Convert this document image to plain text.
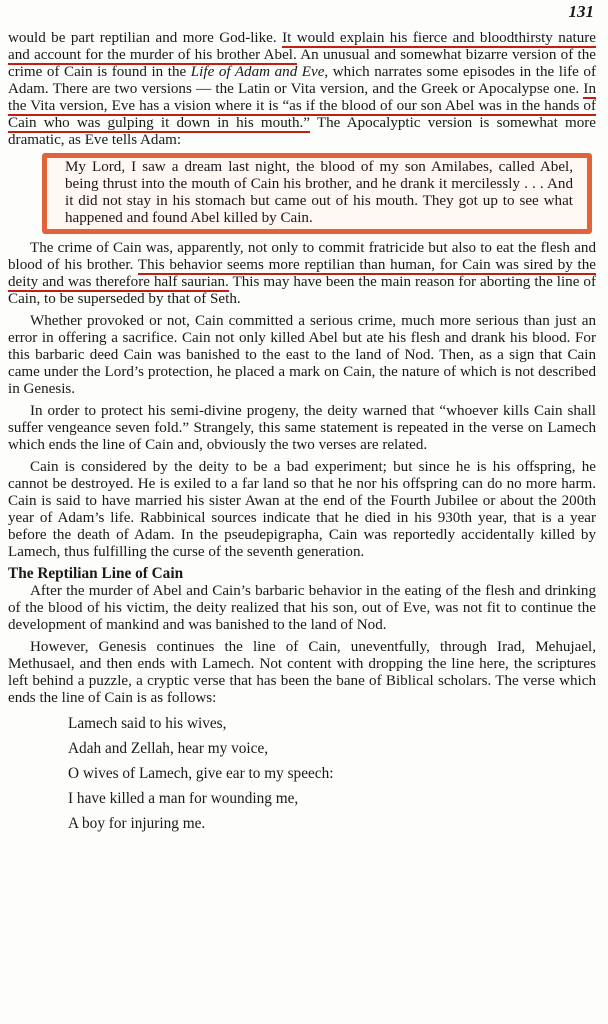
131

would be part reptilian and more God-like. It would explain his fierce and bloodthirsty nature and account for the murder of his brother Abel. An unusual and somewhat bizarre version of the crime of Cain is found in the Life of Adam and Eve, which narrates some episodes in the life of Adam. There are two versions — the Latin or Vita version, and the Greek or Apocalypse one. In the Vita version, Eve has a vision where it is “as if the blood of our son Abel was in the hands of Cain who was gulping it down in his mouth.” The Apocalyptic version is somewhat more dramatic, as Eve tells Adam:

My Lord, I saw a dream last night, the blood of my son Amilabes, called Abel, being thrust into the mouth of Cain his brother, and he drank it mercilessly . . . And it did not stay in his stomach but came out of his mouth. They got up to see what happened and found Abel killed by Cain.

The crime of Cain was, apparently, not only to commit fratricide but also to eat the flesh and blood of his brother. This behavior seems more reptilian than human, for Cain was sired by the deity and was therefore half saurian. This may have been the main reason for aborting the line of Cain, to be superseded by that of Seth.

Whether provoked or not, Cain committed a serious crime, much more serious than just an error in offering a sacrifice. Cain not only killed Abel but ate his flesh and drank his blood. For this barbaric deed Cain was banished to the east to the land of Nod. Then, as a sign that Cain came under the Lord’s protection, he placed a mark on Cain, the nature of which is not described in Genesis.

In order to protect his semi-divine progeny, the deity warned that “whoever kills Cain shall suffer vengeance seven fold.” Strangely, this same statement is repeated in the verse on Lamech which ends the line of Cain and, obviously the two verses are related.

Cain is considered by the deity to be a bad experiment; but since he is his offspring, he cannot be destroyed. He is exiled to a far land so that he nor his offspring can do no more harm. Cain is said to have married his sister Awan at the end of the Fourth Jubilee or about the 200th year of Adam’s life. Rabbinical sources indicate that he died in his 930th year, that is a year before the death of Adam. In the pseudepigrapha, Cain was reportedly accidentally killed by Lamech, thus fulfilling the curse of the seventh generation.

The Reptilian Line of Cain

After the murder of Abel and Cain’s barbaric behavior in the eating of the flesh and drinking of the blood of his victim, the deity realized that his son, out of Eve, was not fit to continue the development of mankind and was banished to the land of Nod.

However, Genesis continues the line of Cain, uneventfully, through Irad, Mehujael, Methusael, and then ends with Lamech. Not content with dropping the line here, the scriptures left behind a puzzle, a cryptic verse that has been the bane of Biblical scholars. The verse which ends the line of Cain is as follows:

Lamech said to his wives,
Adah and Zellah, hear my voice,
O wives of Lamech, give ear to my speech:
I have killed a man for wounding me,
A boy for injuring me.
